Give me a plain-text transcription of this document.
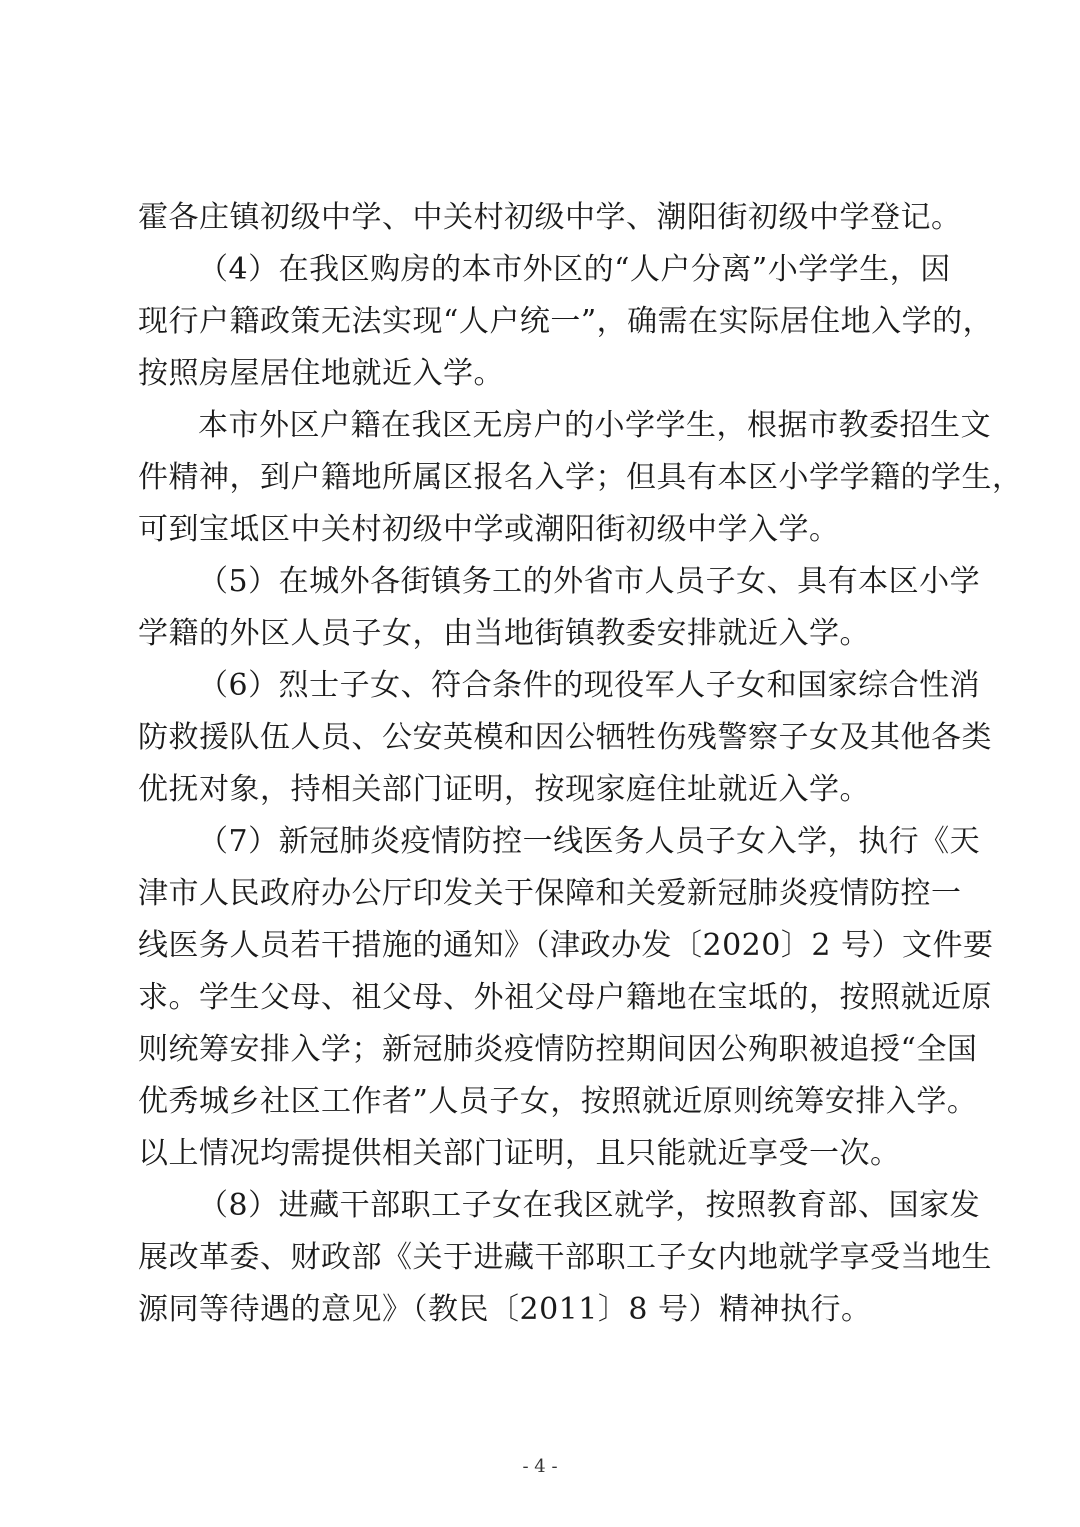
霍各庄镇初级中学、中关村初级中学、潮阳街初级中学登记。
（4）在我区购房的本市外区的“人户分离”小学学生，因
现行户籍政策无法实现“人户统一”，确需在实际居住地入学的，
按照房屋居住地就近入学。
本市外区户籍在我区无房户的小学学生，根据市教委招生文
件精神，到户籍地所属区报名入学；但具有本区小学学籍的学生，
可到宝坻区中关村初级中学或潮阳街初级中学入学。
（5）在城外各街镇务工的外省市人员子女、具有本区小学
学籍的外区人员子女，由当地街镇教委安排就近入学。
（6）烈士子女、符合条件的现役军人子女和国家综合性消
防救援队伍人员、公安英模和因公牺牲伤残警察子女及其他各类
优抚对象，持相关部门证明，按现家庭住址就近入学。
（7）新冠肺炎疫情防控一线医务人员子女入学，执行《天
津市人民政府办公厅印发关于保障和关爱新冠肺炎疫情防控一
线医务人员若干措施的通知》（津政办发〔2020〕2 号）文件要
求。学生父母、祖父母、外祖父母户籍地在宝坻的，按照就近原
则统筹安排入学；新冠肺炎疫情防控期间因公殉职被追授“全国
优秀城乡社区工作者”人员子女，按照就近原则统筹安排入学。
以上情况均需提供相关部门证明，且只能就近享受一次。
（8）进藏干部职工子女在我区就学，按照教育部、国家发
展改革委、财政部《关于进藏干部职工子女内地就学享受当地生
源同等待遇的意见》（教民〔2011〕8 号）精神执行。
- 4 -
